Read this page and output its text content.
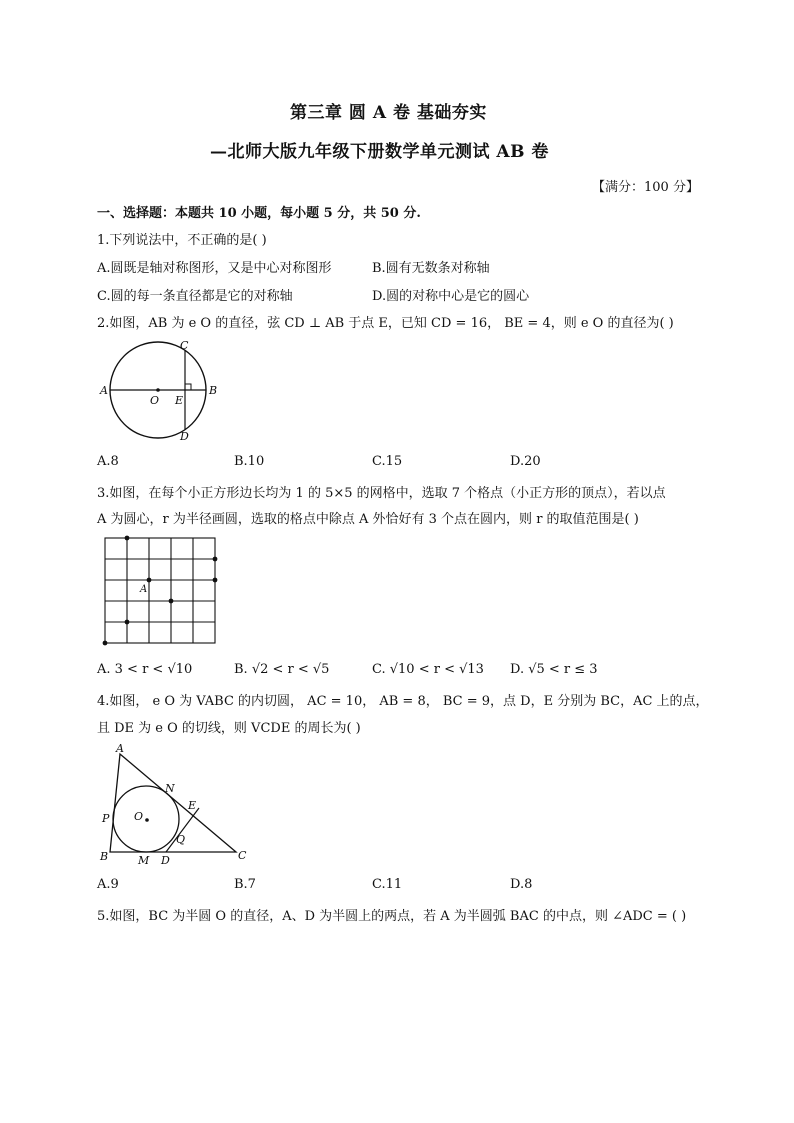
第三章 圆 A 卷 基础夯实
—北师大版九年级下册数学单元测试 AB 卷
【满分：100 分】
一、选择题：本题共 10 小题，每小题 5 分，共 50 分.
1.下列说法中，不正确的是( )
A.圆既是轴对称图形，又是中心对称图形	B.圆有无数条对称轴
C.圆的每一条直径都是它的对称轴	D.圆的对称中心是它的圆心
2.如图，AB 为 e O 的直径，弦 CD ⊥ AB 于点 E，已知 CD = 16， BE = 4，则 e O 的直径为( )
A	B
C
D
O E
A.8	B.10	C.15	D.20
3.如图，在每个小正方形边长均为 1 的 5×5 的网格中，选取 7 个格点（小正方形的顶点），若以点
A 为圆心，r 为半径画圆，选取的格点中除点 A 外恰好有 3 个点在圆内，则 r 的取值范围是( )
A
A. 3 < r < √10	B. √2 < r < √5	C. √10 < r < √13 D. √5 < r ≤ 3
4.如图， e O 为 VABC 的内切圆， AC = 10， AB = 8， BC = 9，点 D，E 分别为 BC，AC 上的点，
且 DE 为 e O 的切线，则 VCDE 的周长为( )
A
B	C
D
E
N
P
Q
M
O
A.9	B.7	C.11	D.8
5.如图，BC 为半圆 O 的直径，A、D 为半圆上的两点，若 A 为半圆弧 BAC 的中点，则 ∠ADC = ( )
